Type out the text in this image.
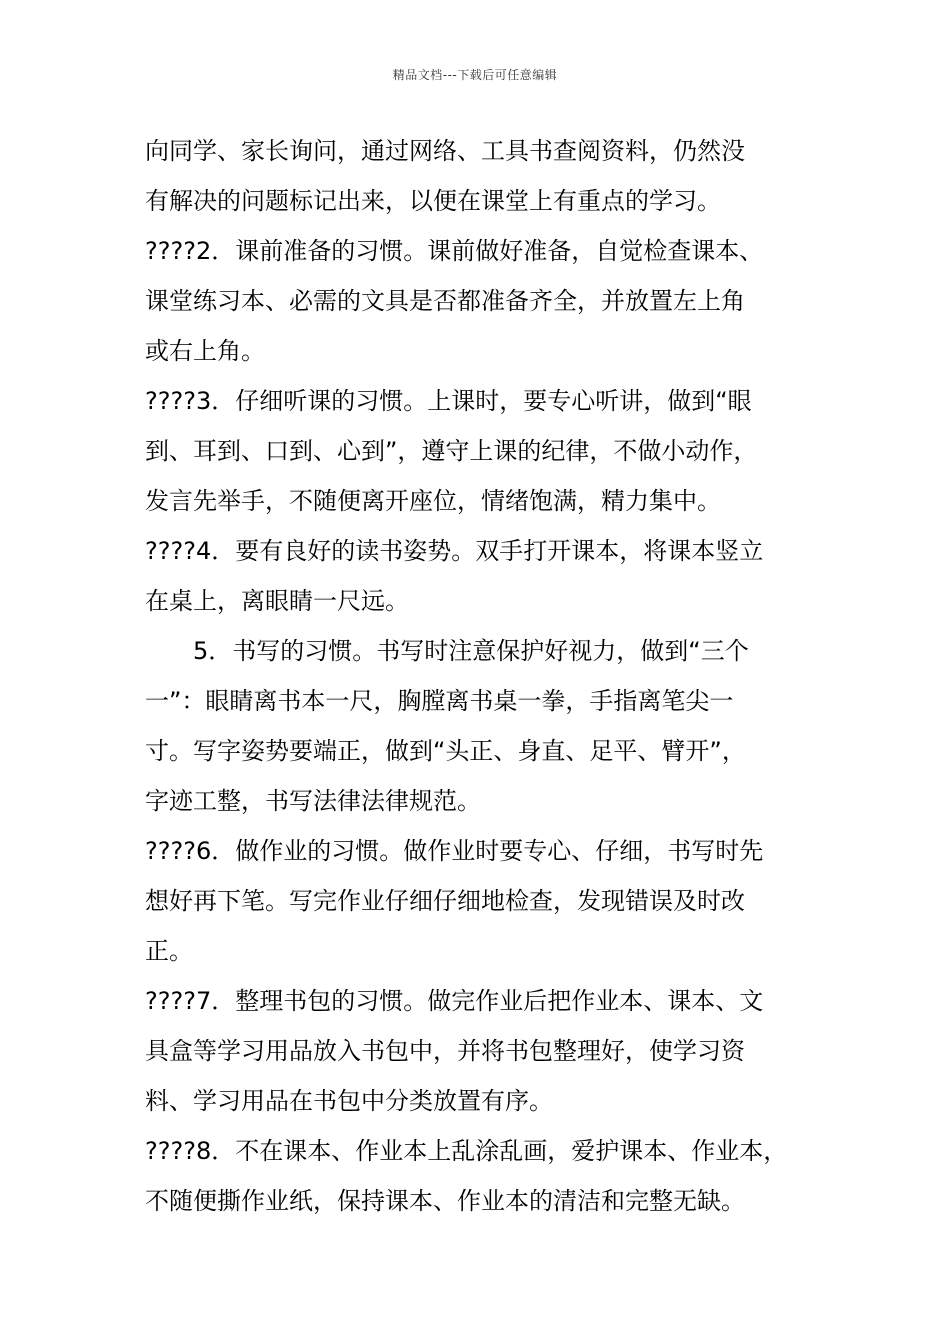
精品文档---下载后可任意编辑
向同学、家长询问，通过网络、工具书查阅资料，仍然没
有解决的问题标记出来，以便在课堂上有重点的学习。
????2．课前准备的习惯。课前做好准备，自觉检查课本、
课堂练习本、必需的文具是否都准备齐全，并放置左上角
或右上角。
????3．仔细听课的习惯。上课时，要专心听讲，做到“眼
到、耳到、口到、心到”，遵守上课的纪律，不做小动作，
发言先举手，不随便离开座位，情绪饱满，精力集中。
????4．要有良好的读书姿势。双手打开课本，将课本竖立
在桌上，离眼睛一尺远。
5．书写的习惯。书写时注意保护好视力，做到“三个
一”：眼睛离书本一尺，胸膛离书桌一拳，手指离笔尖一
寸。写字姿势要端正，做到“头正、身直、足平、臂开”，
字迹工整，书写法律法律规范。
????6．做作业的习惯。做作业时要专心、仔细，书写时先
想好再下笔。写完作业仔细仔细地检查，发现错误及时改
正。
????7．整理书包的习惯。做完作业后把作业本、课本、文
具盒等学习用品放入书包中，并将书包整理好，使学习资
料、学习用品在书包中分类放置有序。
????8．不在课本、作业本上乱涂乱画，爱护课本、作业本，
不随便撕作业纸，保持课本、作业本的清洁和完整无缺。
